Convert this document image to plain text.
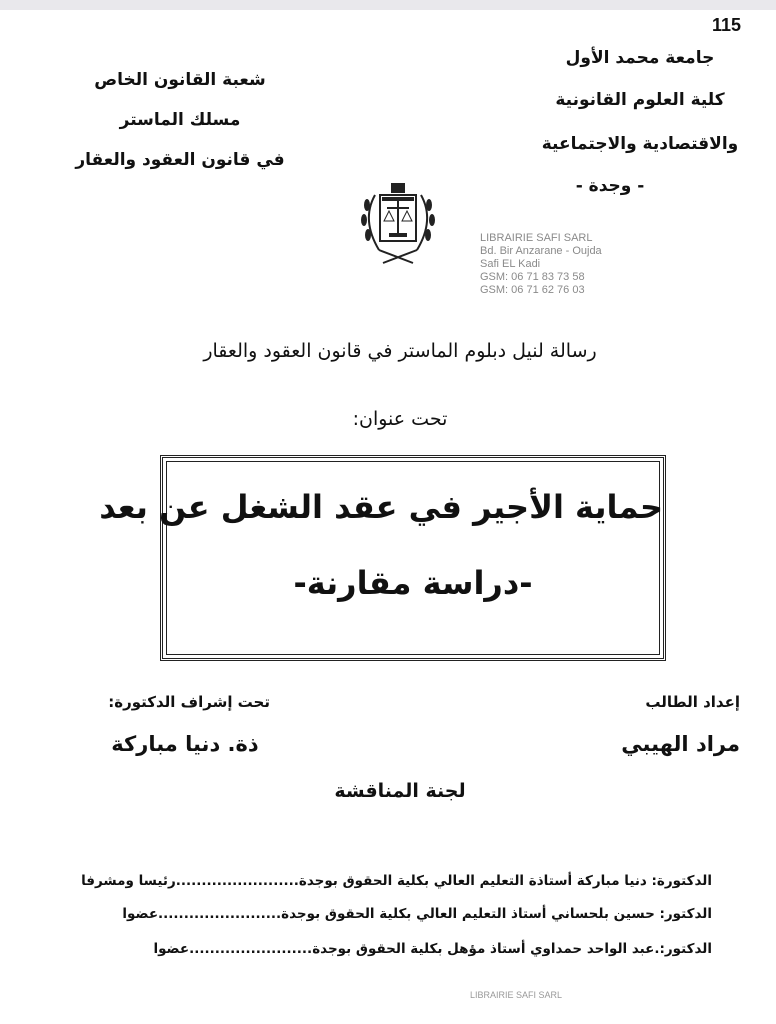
115
جامعة محمد الأول
كلية العلوم القانونية
والاقتصادية والاجتماعية
- وجدة -
شعبة القانون الخاص
مسلك الماستر
في قانون العقود والعقار
LIBRAIRIE SAFI SARL
Bd. Bir Anzarane - Oujda
Safi EL Kadi
GSM: 06 71 83 73 58
GSM: 06 71 62 76 03
رسالة لنيل دبلوم الماستر في قانون العقود والعقار
تحت عنوان:
حماية الأجير في عقد الشغل عن بعد
-دراسة مقارنة-
إعداد الطالب
مراد الهيبي
تحت إشراف الدكتورة:
ذة. دنيا مباركة
لجنة المناقشة
الدكتورة: دنيا مباركة أستاذة التعليم العالي بكلية الحقوق بوجدة........................رئيسا ومشرفا
الدكتور: حسين بلحساني أستاذ التعليم العالي بكلية الحقوق بوجدة........................عضوا
الدكتور:.عبد الواحد حمداوي أستاذ مؤهل بكلية الحقوق بوجدة........................عضوا
LIBRAIRIE SAFI SARL
